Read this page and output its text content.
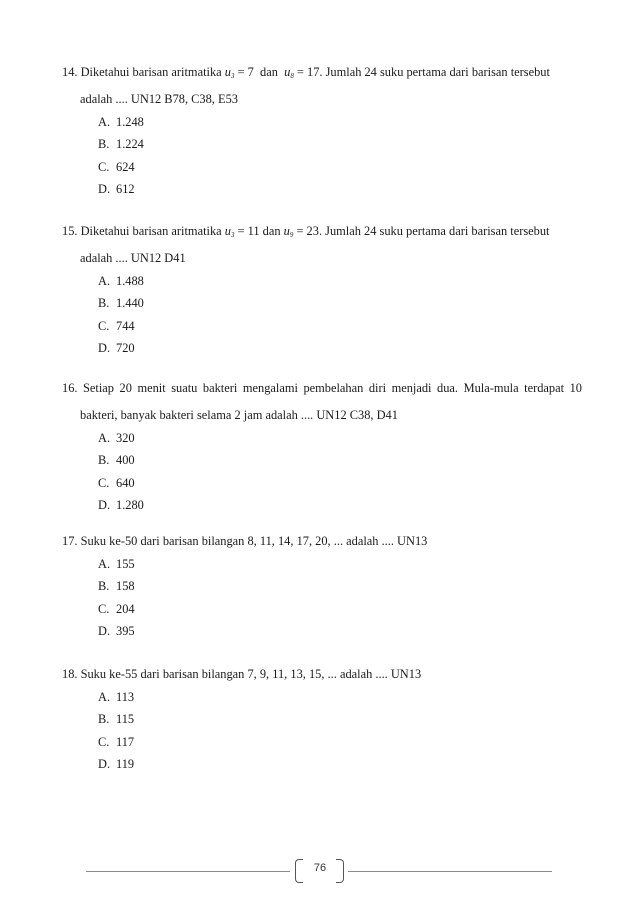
14. Diketahui barisan aritmatika $u_3 = 7$  dan  $u_8 = 17$. Jumlah 24 suku pertama dari barisan tersebut
adalah .... UN12 B78, C38, E53
A. 1.248
B. 1.224
C. 624
D. 612
15. Diketahui barisan aritmatika $u_3 = 11$ dan $u_9 = 23$. Jumlah 24 suku pertama dari barisan tersebut
adalah .... UN12 D41
A. 1.488
B. 1.440
C. 744
D. 720
16. Setiap 20 menit suatu bakteri mengalami pembelahan diri menjadi dua. Mula-mula terdapat 10
bakteri, banyak bakteri selama 2 jam adalah .... UN12 C38, D41
A. 320
B. 400
C. 640
D. 1.280
17. Suku ke-50 dari barisan bilangan 8, 11, 14, 17, 20, ... adalah .... UN13
A. 155
B. 158
C. 204
D. 395
18. Suku ke-55 dari barisan bilangan 7, 9, 11, 13, 15, ... adalah .... UN13
A. 113
B. 115
C. 117
D. 119
76
